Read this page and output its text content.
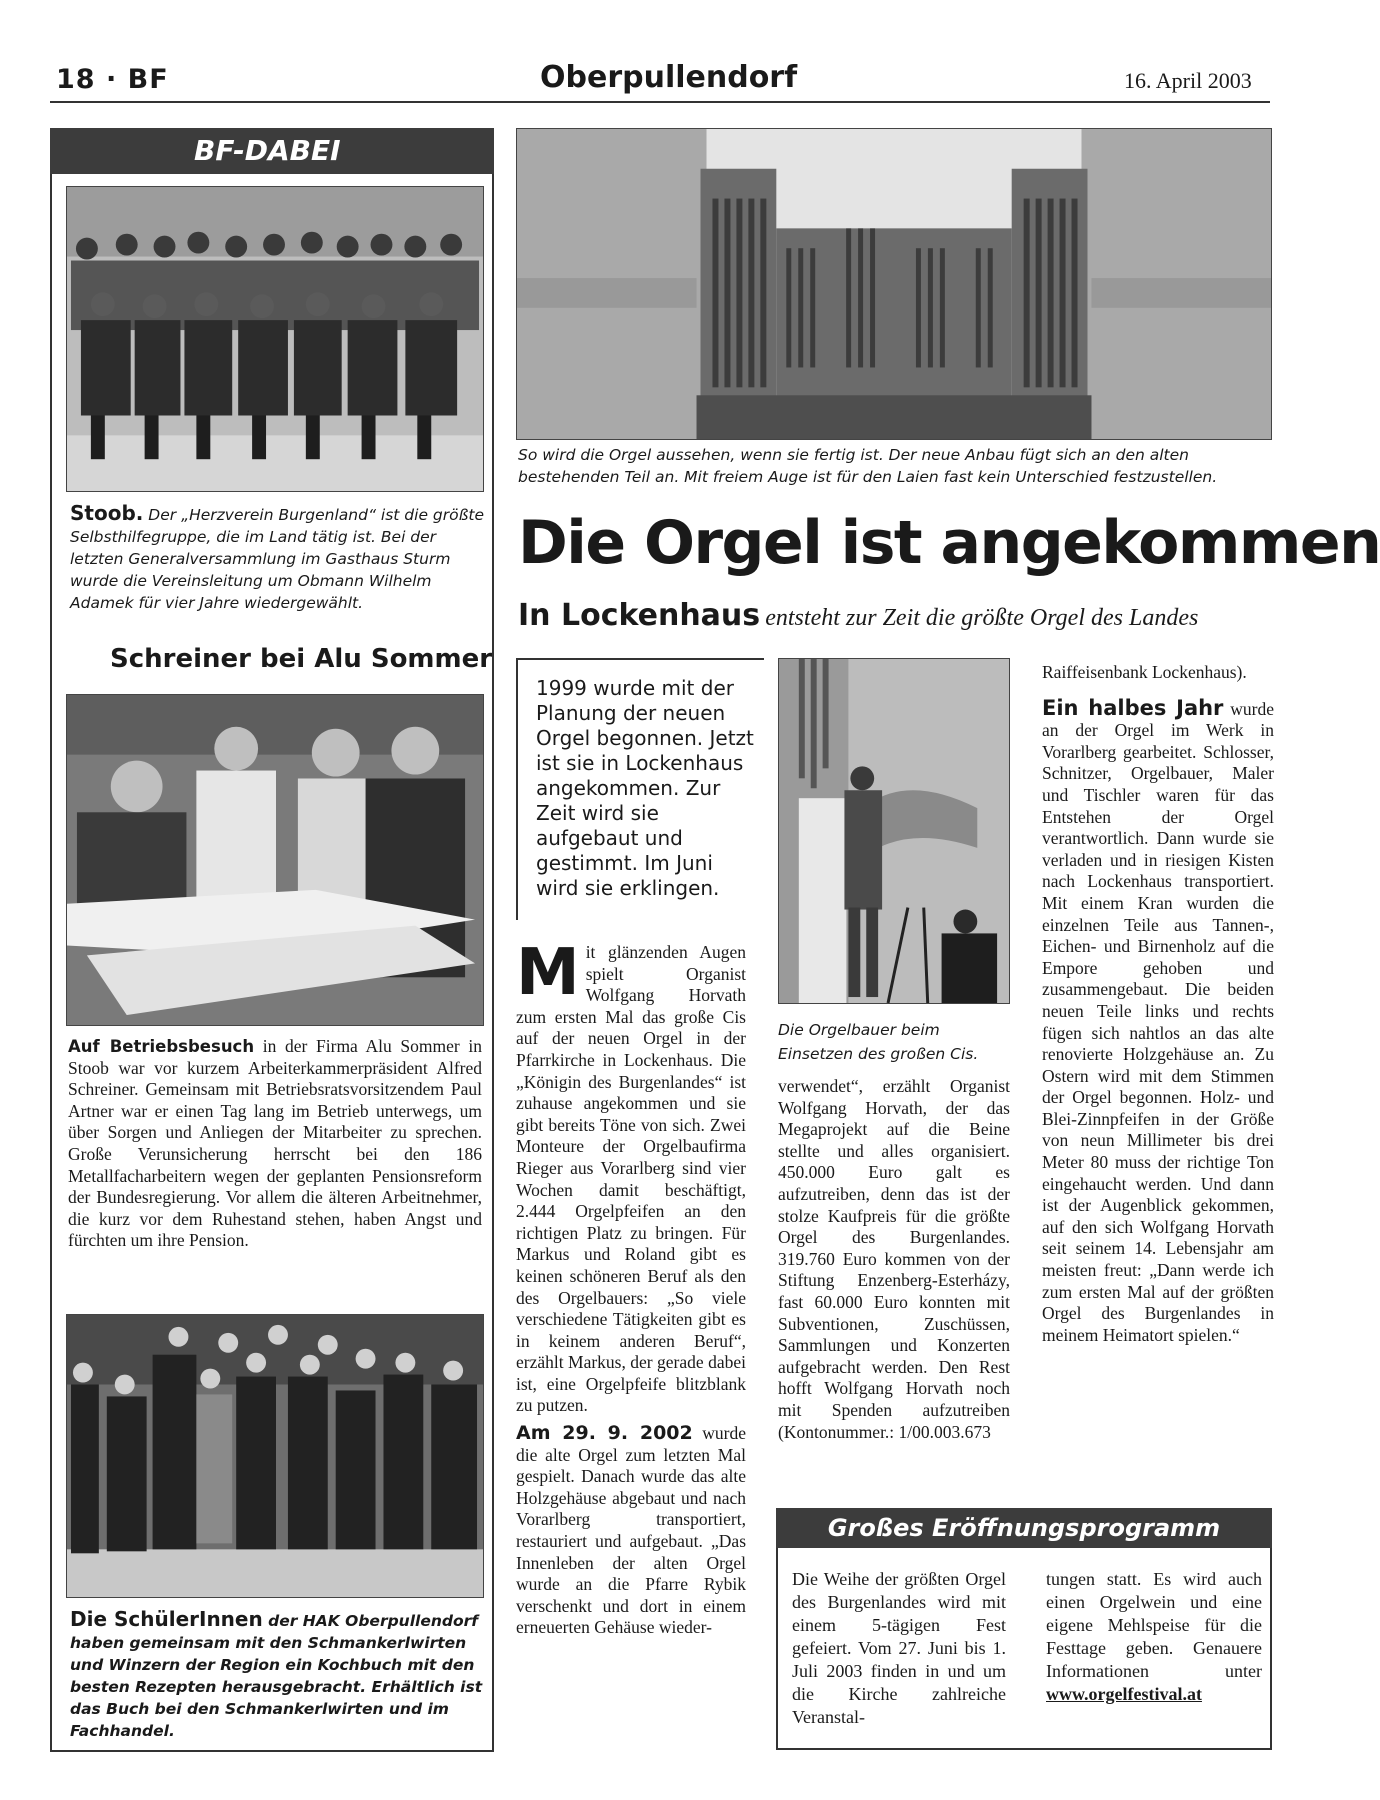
18 · BF	Oberpullendorf	16. April 2003
BF-DABEI
Stoob. Der „Herzverein Burgenland“ ist die größte Selbsthilfegruppe, die im Land tätig ist. Bei der letzten Generalversammlung im Gasthaus Sturm wurde die Vereinsleitung um Obmann Wilhelm Adamek für vier Jahre wiedergewählt.
Schreiner bei Alu Sommer
Auf Betriebsbesuch in der Firma Alu Sommer in Stoob war vor kurzem Arbeiterkammerpräsident Alfred Schreiner. Gemeinsam mit Betriebsratsvorsitzendem Paul Artner war er einen Tag lang im Betrieb unterwegs, um über Sorgen und Anliegen der Mitarbeiter zu sprechen. Große Verunsicherung herrscht bei den 186 Metallfacharbeitern wegen der geplanten Pensionsreform der Bundesregierung. Vor allem die älteren Arbeitnehmer, die kurz vor dem Ruhestand stehen, haben Angst und fürchten um ihre Pension.
Die SchülerInnen der HAK Oberpullendorf haben gemeinsam mit den Schmankerlwirten und Winzern der Region ein Kochbuch mit den besten Rezepten herausgebracht. Erhältlich ist das Buch bei den Schmankerlwirten und im Fachhandel.
So wird die Orgel aussehen, wenn sie fertig ist. Der neue Anbau fügt sich an den alten bestehenden Teil an. Mit freiem Auge ist für den Laien fast kein Unterschied festzustellen.
Die Orgel ist angekommen
In Lockenhaus entsteht zur Zeit die größte Orgel des Landes
1999 wurde mit der Planung der neuen Orgel begonnen. Jetzt ist sie in Lockenhaus angekommen. Zur Zeit wird sie aufgebaut und gestimmt. Im Juni wird sie erklingen.

M it glänzenden Augen spielt Organist Wolfgang Horvath zum ersten Mal das große Cis auf der neuen Orgel in der Pfarrkirche in Lockenhaus. Die „Königin des Burgenlandes“ ist zuhause angekommen und sie gibt bereits Töne von sich. Zwei Monteure der Orgelbaufirma Rieger aus Vorarlberg sind vier Wochen damit beschäftigt, 2.444 Orgelpfeifen an den richtigen Platz zu bringen. Für Markus und Roland gibt es keinen schöneren Beruf als den des Orgelbauers: „So viele verschiedene Tätigkeiten gibt es in keinem anderen Beruf“, erzählt Markus, der gerade dabei ist, eine Orgelpfeife blitzblank zu putzen.

Am 29. 9. 2002 wurde die alte Orgel zum letzten Mal gespielt. Danach wurde das alte Holzgehäuse abgebaut und nach Vorarlberg transportiert, restauriert und aufgebaut. „Das Innenleben der alten Orgel wurde an die Pfarre Rybik verschenkt und dort in einem erneuerten Gehäuse wieder-

Die Orgelbauer beim Einsetzen des großen Cis.
verwendet“, erzählt Organist Wolfgang Horvath, der das Megaprojekt auf die Beine stellte und alles organisiert. 450.000 Euro galt es aufzutreiben, denn das ist der stolze Kaufpreis für die größte Orgel des Burgenlandes. 319.760 Euro kommen von der Stiftung Enzenberg-Esterházy, fast 60.000 Euro konnten mit Subventionen, Zuschüssen, Sammlungen und Konzerten aufgebracht werden. Den Rest hofft Wolfgang Horvath noch mit Spenden aufzutreiben (Kontonummer.: 1/00.003.673

Raiffeisenbank Lockenhaus).

Ein halbes Jahr wurde an der Orgel im Werk in Vorarlberg gearbeitet. Schlosser, Schnitzer, Orgelbauer, Maler und Tischler waren für das Entstehen der Orgel verantwortlich. Dann wurde sie verladen und in riesigen Kisten nach Lockenhaus transportiert. Mit einem Kran wurden die einzelnen Teile aus Tannen-, Eichen- und Birnenholz auf die Empore gehoben und zusammengebaut. Die beiden neuen Teile links und rechts fügen sich nahtlos an das alte renovierte Holzgehäuse an. Zu Ostern wird mit dem Stimmen der Orgel begonnen. Holz- und Blei-Zinnpfeifen in der Größe von neun Millimeter bis drei Meter 80 muss der richtige Ton eingehaucht werden. Und dann ist der Augenblick gekommen, auf den sich Wolfgang Horvath seit seinem 14. Lebensjahr am meisten freut: „Dann werde ich zum ersten Mal auf der größten Orgel des Burgenlandes in meinem Heimatort spielen.“

Großes Eröffnungsprogramm
Die Weihe der größten Orgel des Burgenlandes wird mit einem 5-tägigen Fest gefeiert. Vom 27. Juni bis 1. Juli 2003 finden in und um die Kirche zahlreiche Veranstal-
tungen statt. Es wird auch einen Orgelwein und eine eigene Mehlspeise für die Festtage geben. Genauere Informationen unter www.orgelfestival.at
